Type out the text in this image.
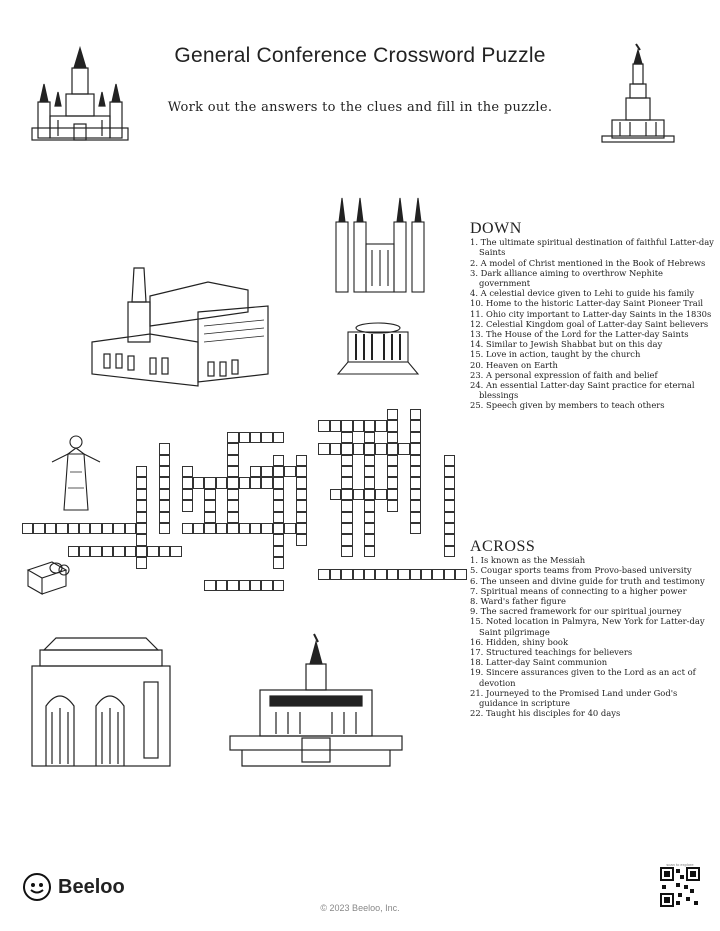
General Conference Crossword Puzzle
Work out the answers to the clues and fill in the puzzle.
DOWN

1. The ultimate spiritual destination of faithful Latter-day Saints

2. A model of Christ mentioned in the Book of Hebrews

3. Dark alliance aiming to overthrow Nephite government

4. A celestial device given to Lehi to guide his family

10. Home to the historic Latter-day Saint Pioneer Trail

11. Ohio city important to Latter-day Saints in the 1830s

12. Celestial Kingdom goal of Latter-day Saint believers

13. The House of the Lord for the Latter-day Saints

14. Similar to Jewish Shabbat but on this day

15. Love in action, taught by the church

20. Heaven on Earth

23. A personal expression of faith and belief

24. An essential Latter-day Saint practice for eternal blessings

25. Speech given by members to teach others

ACROSS

1. Is known as the Messiah

5. Cougar sports teams from Provo-based university

6. The unseen and divine guide for truth and testimony

7. Spiritual means of connecting to a higher power

8. Ward's father figure

9. The sacred framework for our spiritual journey

15. Noted location in Palmyra, New York for Latter-day Saint pilgrimage

16. Hidden, shiny book

17. Structured teachings for believers

18. Latter-day Saint communion

19. Sincere assurances given to the Lord as an act of devotion

21. Journeyed to the Promised Land under God's guidance in scripture

22. Taught his disciples for 40 days

Beeloo
© 2023 Beeloo, Inc.
scan to explore
